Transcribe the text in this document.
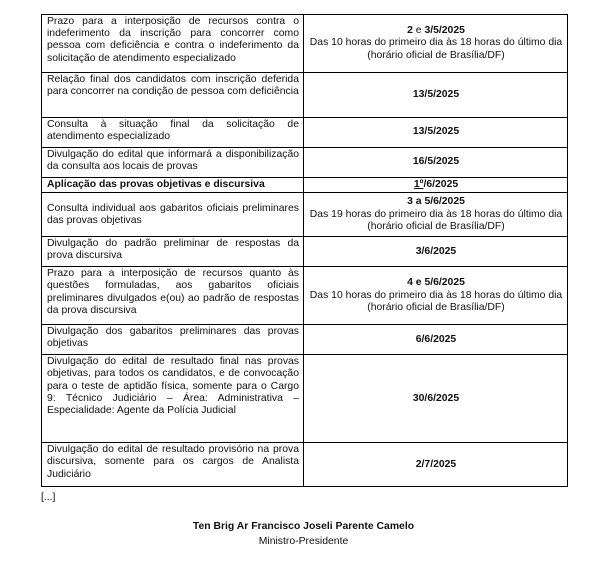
Prazo para a interposição de recursos contra o indeferimento da inscrição para concorrer como pessoa com deficiência e contra o indeferimento da solicitação de atendimento especializado	2 e 3/5/2025
Das 10 horas do primeiro dia às 18 horas do último dia (horário oficial de Brasília/DF)

Relação final dos candidatos com inscrição deferida para concorrer na condição de pessoa com deficiência	13/5/2025

Consulta à situação final da solicitação de atendimento especializado	13/5/2025

Divulgação do edital que informará a disponibilização da consulta aos locais de provas	16/5/2025

Aplicação das provas objetivas e discursiva	1º/6/2025

Consulta individual aos gabaritos oficiais preliminares das provas objetivas	3 a 5/6/2025
Das 19 horas do primeiro dia às 18 horas do último dia (horário oficial de Brasília/DF)

Divulgação do padrão preliminar de respostas da prova discursiva	3/6/2025

Prazo para a interposição de recursos quanto às questões formuladas, aos gabaritos oficiais preliminares divulgados e(ou) ao padrão de respostas da prova discursiva	4 e 5/6/2025
Das 10 horas do primeiro dia às 18 horas do último dia (horário oficial de Brasília/DF)

Divulgação dos gabaritos preliminares das provas objetivas	6/6/2025

Divulgação do edital de resultado final nas provas objetivas, para todos os candidatos, e de convocação para o teste de aptidão física, somente para o Cargo 9: Técnico Judiciário – Área: Administrativa – Especialidade: Agente da Polícia Judicial	30/6/2025

Divulgação do edital de resultado provisório na prova discursiva, somente para os cargos de Analista Judiciário	2/7/2025
[...]
Ten Brig Ar Francisco Joseli Parente Camelo
Ministro-Presidente
